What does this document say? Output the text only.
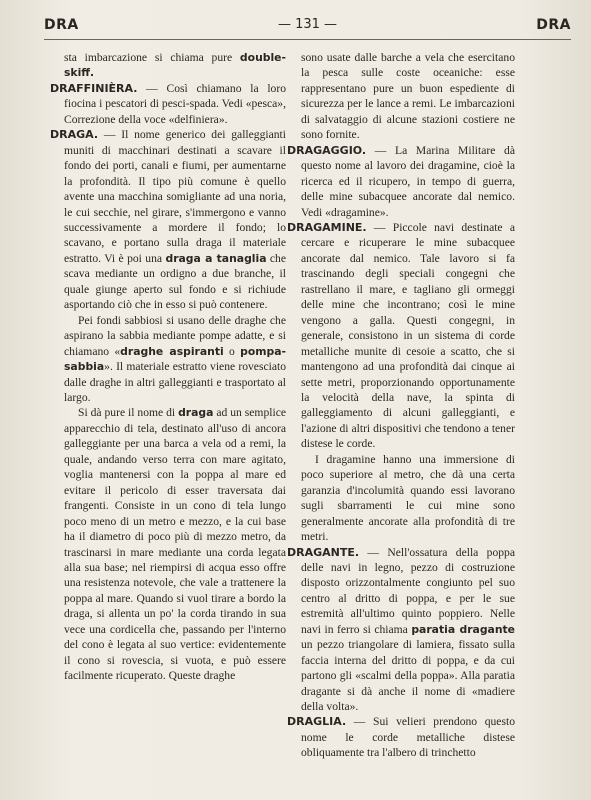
DRA	— 131 —	DRA

sta imbarcazione si chiama pure double-skiff.

DRAFFINIÈRA. — Così chiamano la loro fiocina i pescatori di pesci-spada. Vedi «pesca», Correzione della voce «delfiniera».

DRAGA. — Il nome generico dei galleggianti muniti di macchinari destinati a scavare il fondo dei porti, canali e fiumi, per aumentarne la profondità. Il tipo più comune è quello avente una macchina somigliante ad una noria, le cui secchie, nel girare, s'immergono e vanno successivamente a mordere il fondo; lo scavano, e portano sulla draga il materiale estratto. Vi è poi una draga a tanaglia che scava mediante un ordigno a due branche, il quale giunge aperto sul fondo e si richiude asportando ciò che in esso si può contenere.

Pei fondi sabbiosi si usano delle draghe che aspirano la sabbia mediante pompe adatte, e si chiamano «draghe aspiranti o pompa-sabbia». Il materiale estratto viene rovesciato dalle draghe in altri galleggianti e trasportato al largo.

Si dà pure il nome di draga ad un semplice apparecchio di tela, destinato all'uso di ancora galleggiante per una barca a vela od a remi, la quale, andando verso terra con mare agitato, voglia mantenersi con la poppa al mare ed evitare il pericolo di esser traversata dai frangenti. Consiste in un cono di tela lungo poco meno di un metro e mezzo, e la cui base ha il diametro di poco più di mezzo metro, da trascinarsi in mare mediante una corda legata alla sua base; nel riempirsi di acqua esso offre una resistenza notevole, che vale a trattenere la poppa al mare. Quando si vuol tirare a bordo la draga, si allenta un po' la corda tirando in sua vece una cordicella che, passando per l'interno del cono è legata al suo vertice: evidentemente il cono si rovescia, si vuota, e può essere facilmente ricuperato. Queste draghe

sono usate dalle barche a vela che esercitano la pesca sulle coste oceaniche: esse rappresentano pure un buon espediente di sicurezza per le lance a remi. Le imbarcazioni di salvataggio di alcune stazioni costiere ne sono fornite.

DRAGAGGIO. — La Marina Militare dà questo nome al lavoro dei dragamine, cioè la ricerca ed il ricupero, in tempo di guerra, delle mine subacquee ancorate dal nemico. Vedi «dragamine».

DRAGAMINE. — Piccole navi destinate a cercare e ricuperare le mine subacquee ancorate dal nemico. Tale lavoro si fa trascinando degli speciali congegni che rastrellano il mare, e tagliano gli ormeggi delle mine che incontrano; così le mine vengono a galla. Questi congegni, in generale, consistono in un sistema di corde metalliche munite di cesoie a scatto, che si mantengono ad una profondità dai cinque ai sette metri, proporzionando opportunamente la velocità della nave, la spinta di galleggiamento di alcuni galleggianti, e l'azione di altri dispositivi che tendono a tener distese le corde.

I dragamine hanno una immersione di poco superiore al metro, che dà una certa garanzia d'incolumità quando essi lavorano sugli sbarramenti le cui mine sono generalmente ancorate alla profondità di tre metri.

DRAGANTE. — Nell'ossatura della poppa delle navi in legno, pezzo di costruzione disposto orizzontalmente congiunto pel suo centro al dritto di poppa, e per le sue estremità all'ultimo quinto poppiero. Nelle navi in ferro si chiama paratia dragante un pezzo triangolare di lamiera, fissato sulla faccia interna del dritto di poppa, e da cui partono gli «scalmi della poppa». Alla paratia dragante si dà anche il nome di «madiere della volta».

DRAGLIA. — Sui velieri prendono questo nome le corde metalliche distese obliquamente tra l'albero di trinchetto
